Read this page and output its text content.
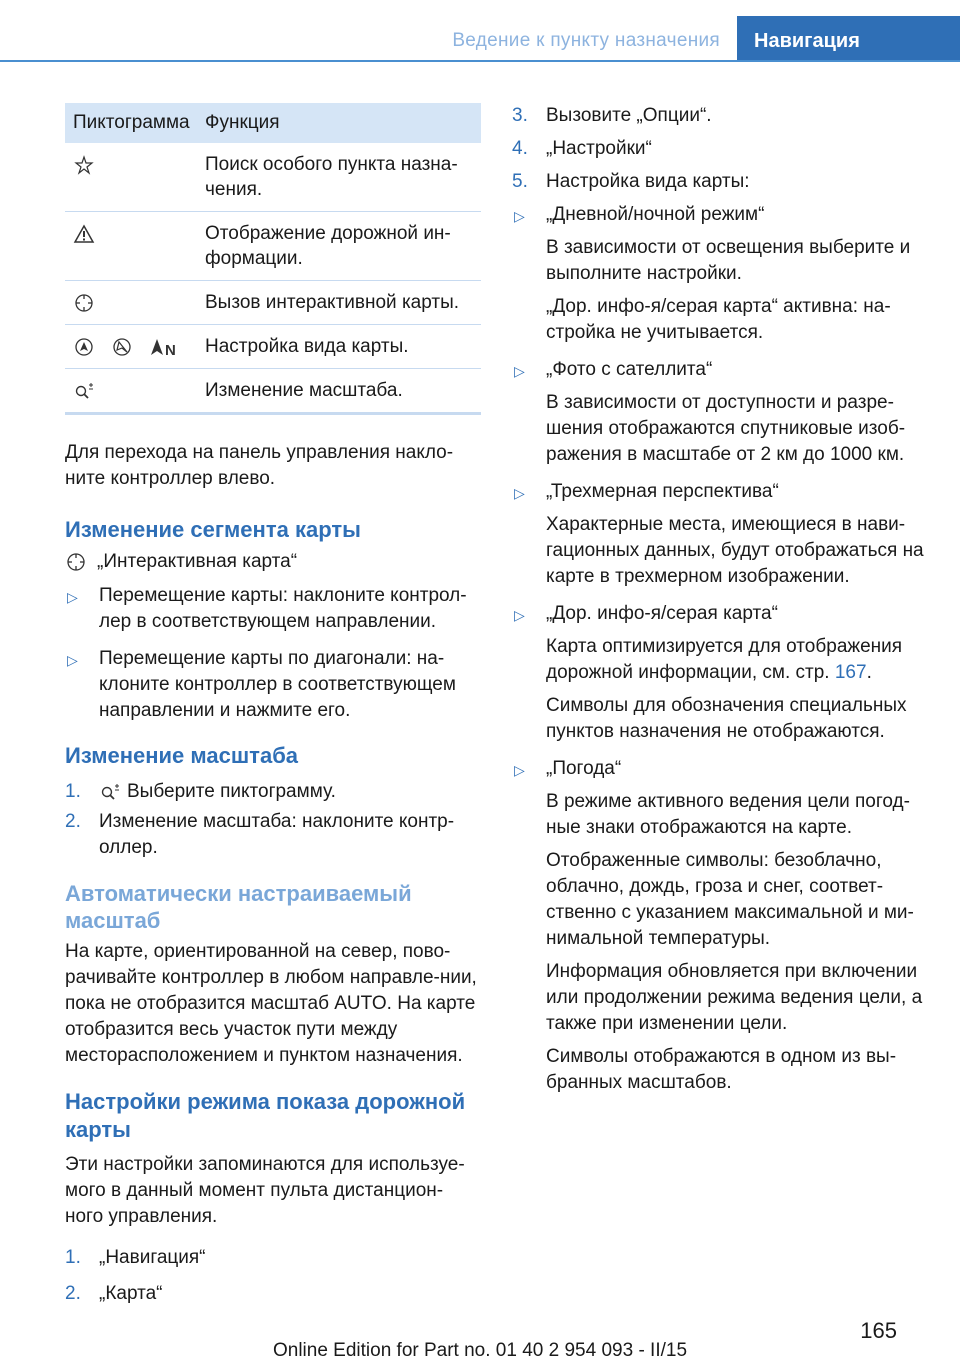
Ведение к пункту назначения	Навигация
Пиктограмма	Функция
	Поиск особого пункта назна-чения.
	Отображение дорожной ин-формации.
	Вызов интерактивной карты.

N	Настройка вида карты.
	Изменение масштаба.

Для перехода на панель управления накло-ните контроллер влево.

Изменение сегмента карты
„Интерактивная карта“
▷ Перемещение карты: наклоните контрол-лер в соответствующем направлении.
▷ Перемещение карты по диагонали: на-клоните контроллер в соответствующем направлении и нажмите его.
Изменение масштаба
1. Выберите пиктограмму.
2. Изменение масштаба: наклоните контр-оллер.
Автоматически настраиваемый масштаб

На карте, ориентированной на север, пово-рачивайте контроллер в любом направле-нии, пока не отобразится масштаб AUTO. На карте отобразится весь участок пути между месторасположением и пунктом назначения.

Настройки режима показа дорожной карты

Эти настройки запоминаются для используе-мого в данный момент пульта дистанцион-ного управления.

1. „Навигация“
2. „Карта“
3. Вызовите „Опции“.
4. „Настройки“
5. Настройка вида карты:
▷ „Дневной/ночной режим“
В зависимости от освещения выберите и выполните настройки.
„Дор. инфо-я/серая карта“ активна: на-стройка не учитывается.
▷ „Фото с сателлита“
В зависимости от доступности и разре-шения отображаются спутниковые изоб-ражения в масштабе от 2 км до 1000 км.
▷ „Трехмерная перспектива“
Характерные места, имеющиеся в нави-гационных данных, будут отображаться на карте в трехмерном изображении.
▷ „Дор. инфо-я/серая карта“
Карта оптимизируется для отображения дорожной информации, см. стр. 167.
Символы для обозначения специальных пунктов назначения не отображаются.
▷ „Погода“
В режиме активного ведения цели погод-ные знаки отображаются на карте.
Отображенные символы: безоблачно, облачно, дождь, гроза и снег, соответ-ственно с указанием максимальной и ми-нимальной температуры.
Информация обновляется при включении или продолжении режима ведения цели, а также при изменении цели.
Символы отображаются в одном из вы-бранных масштабов.
165
Online Edition for Part no. 01 40 2 954 093 - II/15
